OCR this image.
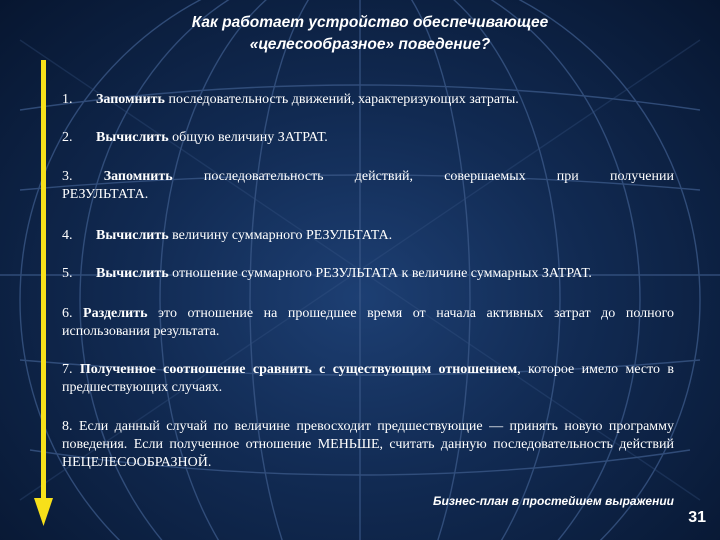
Как работает устройство обеспечивающее
«целесообразное» поведение?
1. Запомнить последовательность движений, характеризующих затраты.
2. Вычислить общую величину ЗАТРАТ.
3. Запомнить последовательность действий, совершаемых при получении РЕЗУЛЬТАТА.
4. Вычислить величину суммарного РЕЗУЛЬТАТА.
5. Вычислить отношение суммарного РЕЗУЛЬТАТА к величине суммарных ЗАТРАТ.
6. Разделить это отношение на прошедшее время от начала активных затрат до полного использования результата.
7. Полученное соотношение сравнить с существующим отношением, которое имело место в предшествующих случаях.
8. Если данный случай по величине превосходит предшествующие — принять новую программу поведения. Если полученное отношение МЕНЬШЕ, считать данную последовательность действий НЕЦЕЛЕСООБРАЗНОЙ.
Бизнес-план в простейшем выражении
31
